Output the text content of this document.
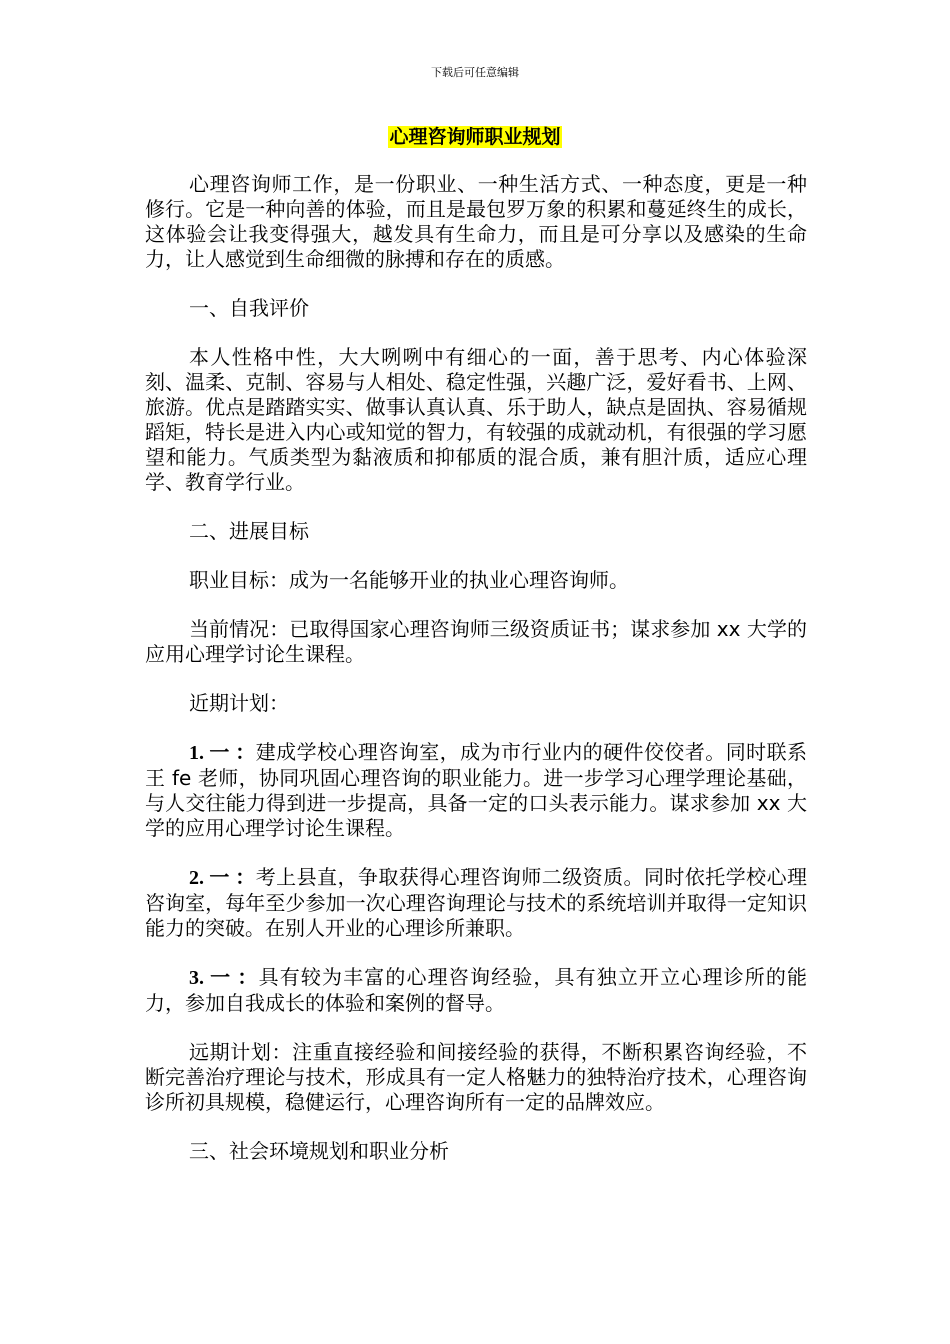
下载后可任意编辑
心理咨询师职业规划

心理咨询师工作，是一份职业、一种生活方式、一种态度，更是一种修行。它是一种向善的体验，而且是最包罗万象的积累和蔓延终生的成长，这体验会让我变得强大，越发具有生命力，而且是可分享以及感染的生命力，让人感觉到生命细微的脉搏和存在的质感。

一、自我评价

本人性格中性，大大咧咧中有细心的一面，善于思考、内心体验深刻、温柔、克制、容易与人相处、稳定性强，兴趣广泛，爱好看书、上网、旅游。优点是踏踏实实、做事认真认真、乐于助人，缺点是固执、容易循规蹈矩，特长是进入内心或知觉的智力，有较强的成就动机，有很强的学习愿望和能力。气质类型为黏液质和抑郁质的混合质，兼有胆汁质，适应心理学、教育学行业。

二、进展目标

职业目标：成为一名能够开业的执业心理咨询师。

当前情况：已取得国家心理咨询师三级资质证书；谋求参加 xx 大学的应用心理学讨论生课程。

近期计划：

1. 一 ：建成学校心理咨询室，成为市行业内的硬件佼佼者。同时联系王 fe 老师，协同巩固心理咨询的职业能力。进一步学习心理学理论基础，与人交往能力得到进一步提高，具备一定的口头表示能力。谋求参加 xx 大学的应用心理学讨论生课程。

2. 一 ：考上县直，争取获得心理咨询师二级资质。同时依托学校心理咨询室，每年至少参加一次心理咨询理论与技术的系统培训并取得一定知识能力的突破。在别人开业的心理诊所兼职。

3. 一 ：具有较为丰富的心理咨询经验，具有独立开立心理诊所的能力，参加自我成长的体验和案例的督导。

远期计划：注重直接经验和间接经验的获得，不断积累咨询经验，不断完善治疗理论与技术，形成具有一定人格魅力的独特治疗技术，心理咨询诊所初具规模，稳健运行，心理咨询所有一定的品牌效应。

三、社会环境规划和职业分析
